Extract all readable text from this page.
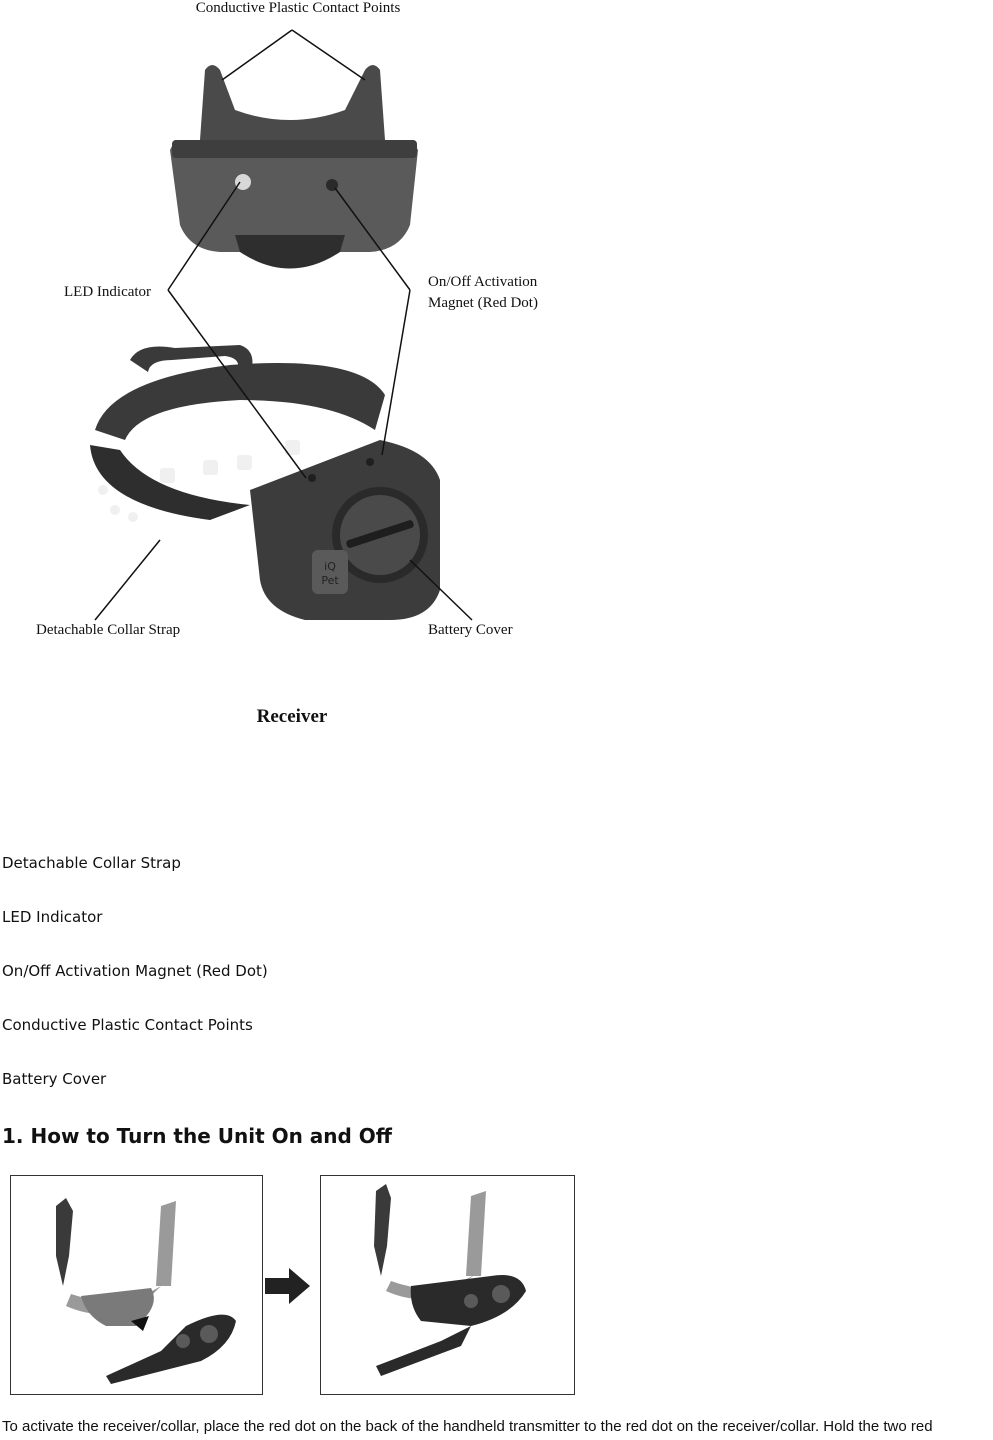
iQ
Pet
Conductive Plastic Contact Points
LED Indicator
On/Off Activation
Magnet (Red Dot)
Detachable Collar Strap	Battery Cover
Receiver
Detachable Collar Strap
LED Indicator
On/Off Activation Magnet (Red Dot)
Conductive Plastic Contact Points
Battery Cover
1. How to Turn the Unit On and Off

To activate the receiver/collar, place the red dot on the back of the handheld transmitter to the red dot on the receiver/collar. Hold the two red
